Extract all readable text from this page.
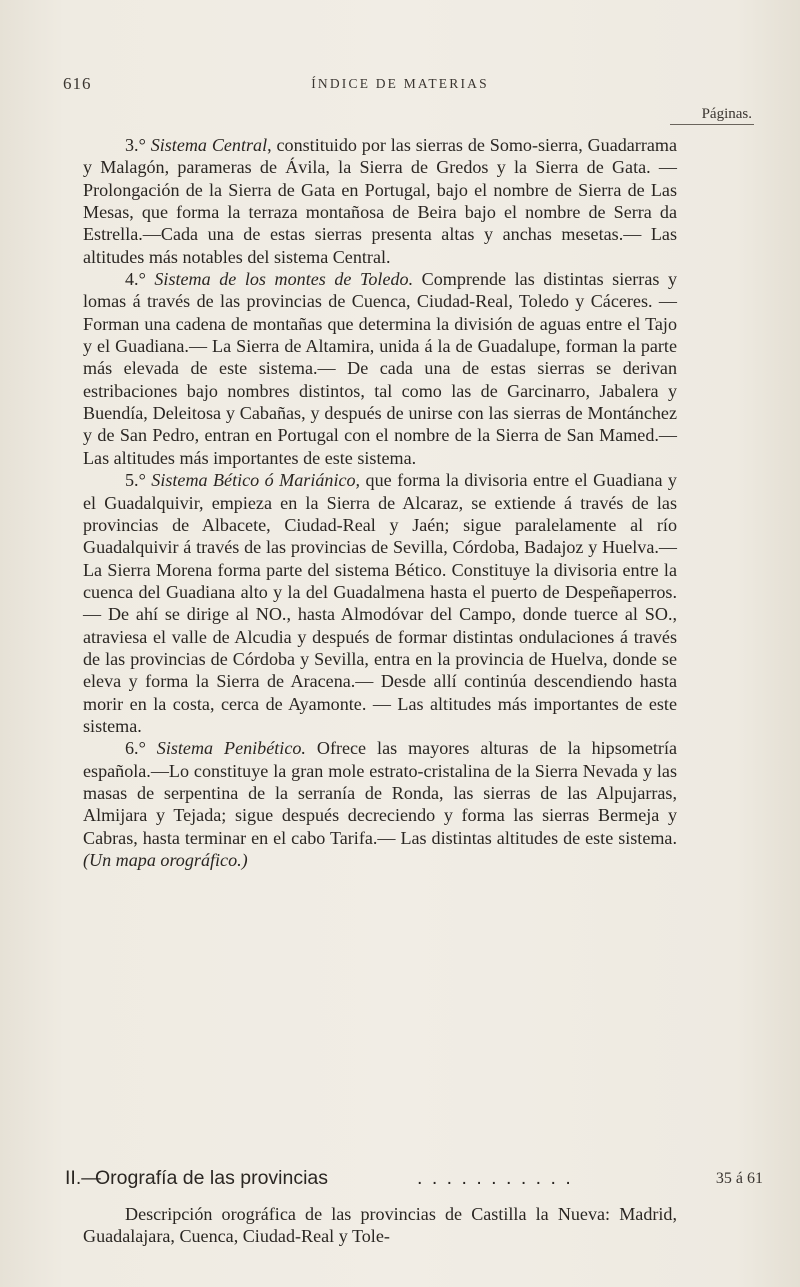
616	ÍNDICE DE MATERIAS
Páginas.

3.° Sistema Central, constituido por las sierras de Somo-sierra, Guadarrama y Malagón, parameras de Ávila, la Sierra de Gredos y la Sierra de Gata. — Prolongación de la Sierra de Gata en Portugal, bajo el nombre de Sierra de Las Mesas, que forma la terraza montañosa de Beira bajo el nombre de Serra da Estrella.—Cada una de estas sierras presenta altas y anchas mesetas.— Las altitudes más notables del sistema Central.

4.° Sistema de los montes de Toledo. Comprende las distintas sierras y lomas á través de las provincias de Cuenca, Ciudad-Real, Toledo y Cáceres. —Forman una cadena de montañas que determina la división de aguas entre el Tajo y el Guadiana.— La Sierra de Altamira, unida á la de Guadalupe, forman la parte más elevada de este sistema.— De cada una de estas sierras se derivan estribaciones bajo nombres distintos, tal como las de Garcinarro, Jabalera y Buendía, Deleitosa y Cabañas, y después de unirse con las sierras de Montánchez y de San Pedro, entran en Portugal con el nombre de la Sierra de San Mamed.— Las altitudes más importantes de este sistema.

5.° Sistema Bético ó Mariánico, que forma la divisoria entre el Guadiana y el Guadalquivir, empieza en la Sierra de Alcaraz, se extiende á través de las provincias de Albacete, Ciudad-Real y Jaén; sigue paralelamente al río Guadalquivir á través de las provincias de Sevilla, Córdoba, Badajoz y Huelva.— La Sierra Morena forma parte del sistema Bético. Constituye la divisoria entre la cuenca del Guadiana alto y la del Guadalmena hasta el puerto de Despeñaperros.— De ahí se dirige al NO., hasta Almodóvar del Campo, donde tuerce al SO., atraviesa el valle de Alcudia y después de formar distintas ondulaciones á través de las provincias de Córdoba y Sevilla, entra en la provincia de Huelva, donde se eleva y forma la Sierra de Aracena.— Desde allí continúa descendiendo hasta morir en la costa, cerca de Ayamonte. — Las altitudes más importantes de este sistema.

6.° Sistema Penibético. Ofrece las mayores alturas de la hipsometría española.—Lo constituye la gran mole estrato-cristalina de la Sierra Nevada y las masas de serpentina de la serranía de Ronda, las sierras de las Alpujarras, Almijara y Tejada; sigue después decreciendo y forma las sierras Bermeja y Cabras, hasta terminar en el cabo Tarifa.— Las distintas altitudes de este sistema. (Un mapa orográfico.)

II.—
Orografía de las provincias	. . . . . . . . . . .	35 á 61

Descripción orográfica de las provincias de Castilla la Nueva: Madrid, Guadalajara, Cuenca, Ciudad-Real y Tole-
